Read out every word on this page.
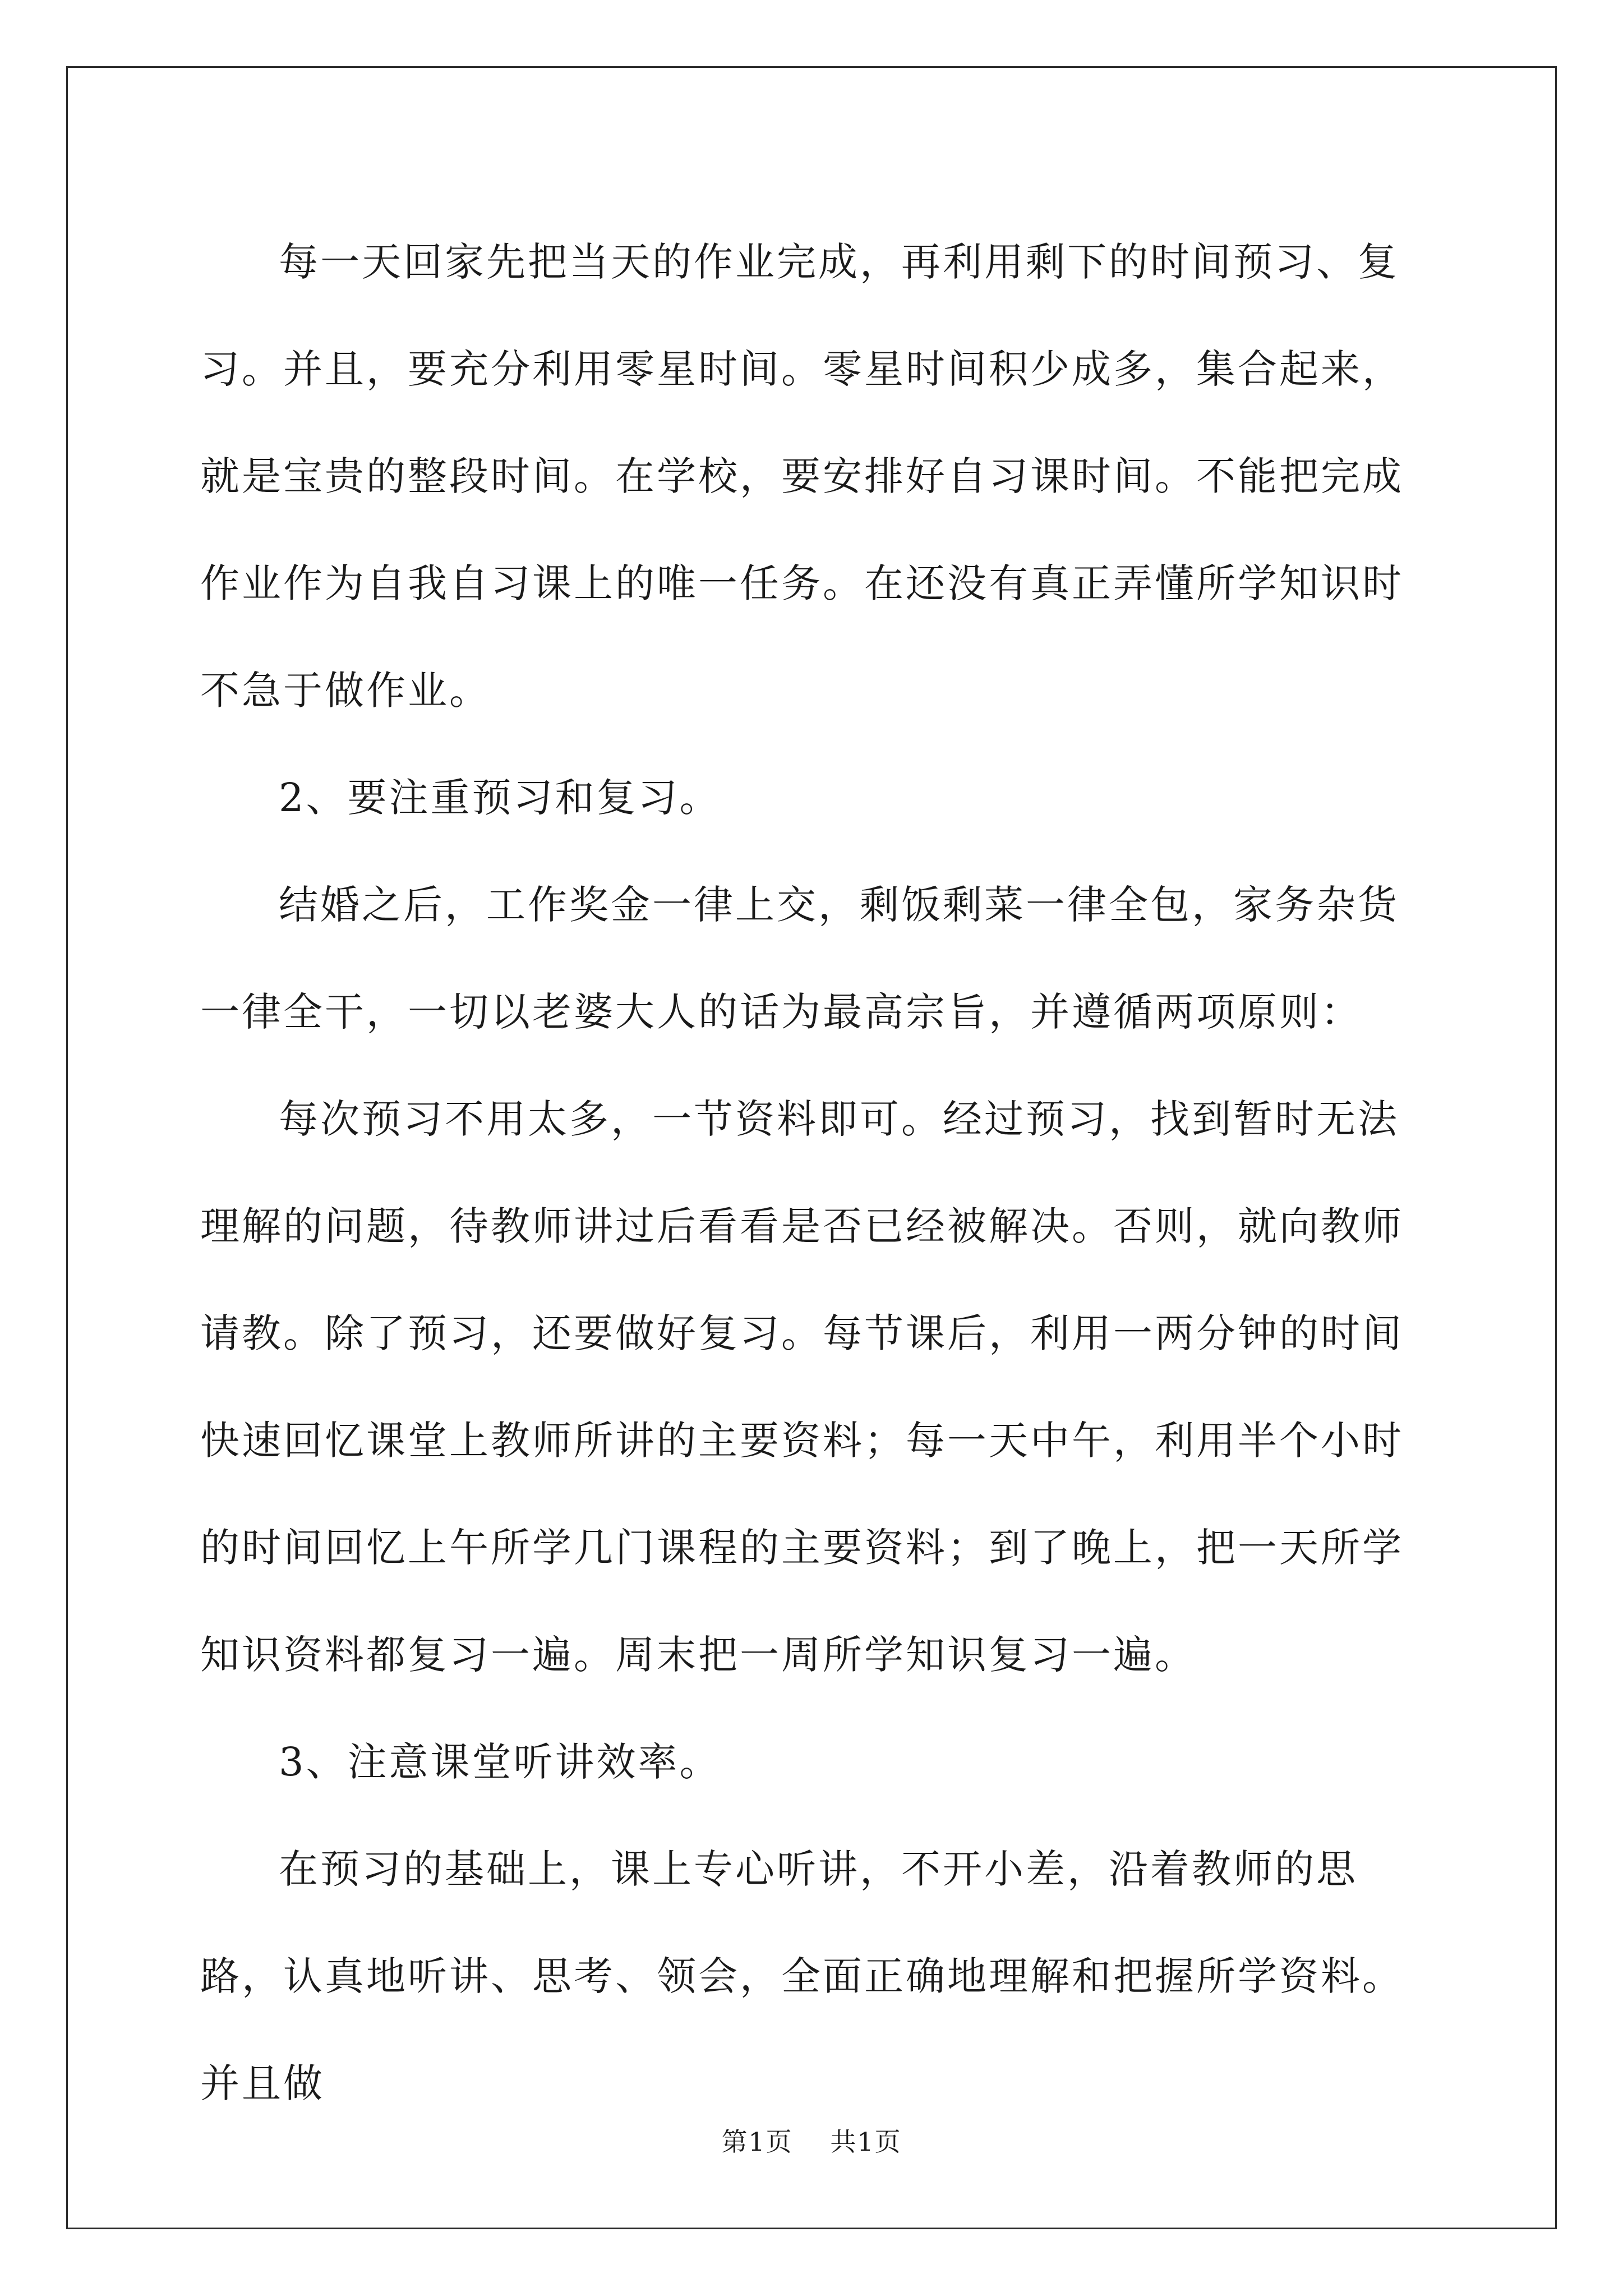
每一天回家先把当天的作业完成，再利用剩下的时间预习、复习。并且，要充分利用零星时间。零星时间积少成多，集合起来，就是宝贵的整段时间。在学校，要安排好自习课时间。不能把完成作业作为自我自习课上的唯一任务。在还没有真正弄懂所学知识时不急于做作业。

2、要注重预习和复习。

结婚之后，工作奖金一律上交，剩饭剩菜一律全包，家务杂货一律全干，一切以老婆大人的话为最高宗旨，并遵循两项原则：

每次预习不用太多，一节资料即可。经过预习，找到暂时无法理解的问题，待教师讲过后看看是否已经被解决。否则，就向教师请教。除了预习，还要做好复习。每节课后，利用一两分钟的时间快速回忆课堂上教师所讲的主要资料；每一天中午，利用半个小时的时间回忆上午所学几门课程的主要资料；到了晚上，把一天所学知识资料都复习一遍。周末把一周所学知识复习一遍。

3、注意课堂听讲效率。

在预习的基础上，课上专心听讲，不开小差，沿着教师的思路，认真地听讲、思考、领会，全面正确地理解和把握所学资料。并且做

第1页 共1页
